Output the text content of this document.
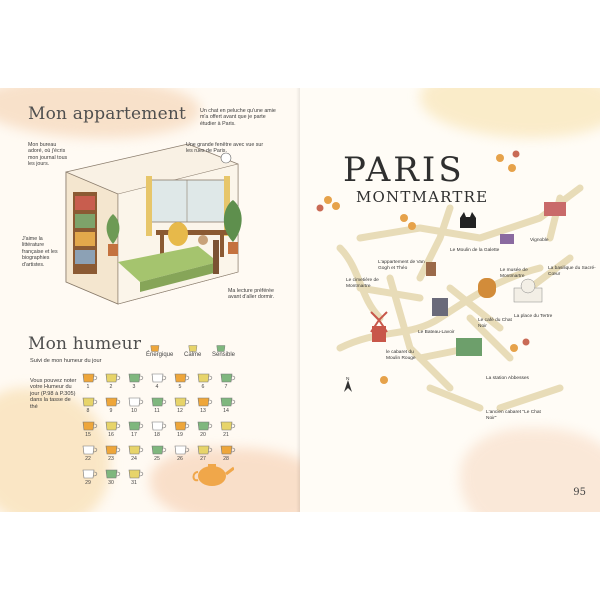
Mon appartement	Un chat en peluche qu'une amie m'a offert avant que je parte étudier à Paris.
Une grande fenêtre avec vue sur les rues de Paris.
Mon bureau adoré, où j'écris mon journal tous les jours.
J'aime la littérature française et les biographies d'artistes.
Ma lecture préférée avant d'aller dormir.
Mon humeur
Suivi de mon humeur du jour
Énergique Calme Sensible
Vous pouvez noter votre Humeur du jour (P.98 à P.305) dans la tasse de thé
1	2	3	4	5	6	7
8	9	10	11	12	13	14
15	16	17	18	19	20	21
22	23	24	25	26	27	28
29	30	31
PARIS
MONTMARTRE
N
Vignoble
Le Moulin de la Galette
L'appartement de Van Gogh et Théo	Le musée de Montmartre
La basilique du Sacré-Cœur
Le cimetière de Montmartre
La place du Tertre
Le café du Chat Noir
Le Bateau-Lavoir
le cabaret du Moulin Rouge
La station Abbesses
L'ancien cabaret "Le Chat Noir"
95
